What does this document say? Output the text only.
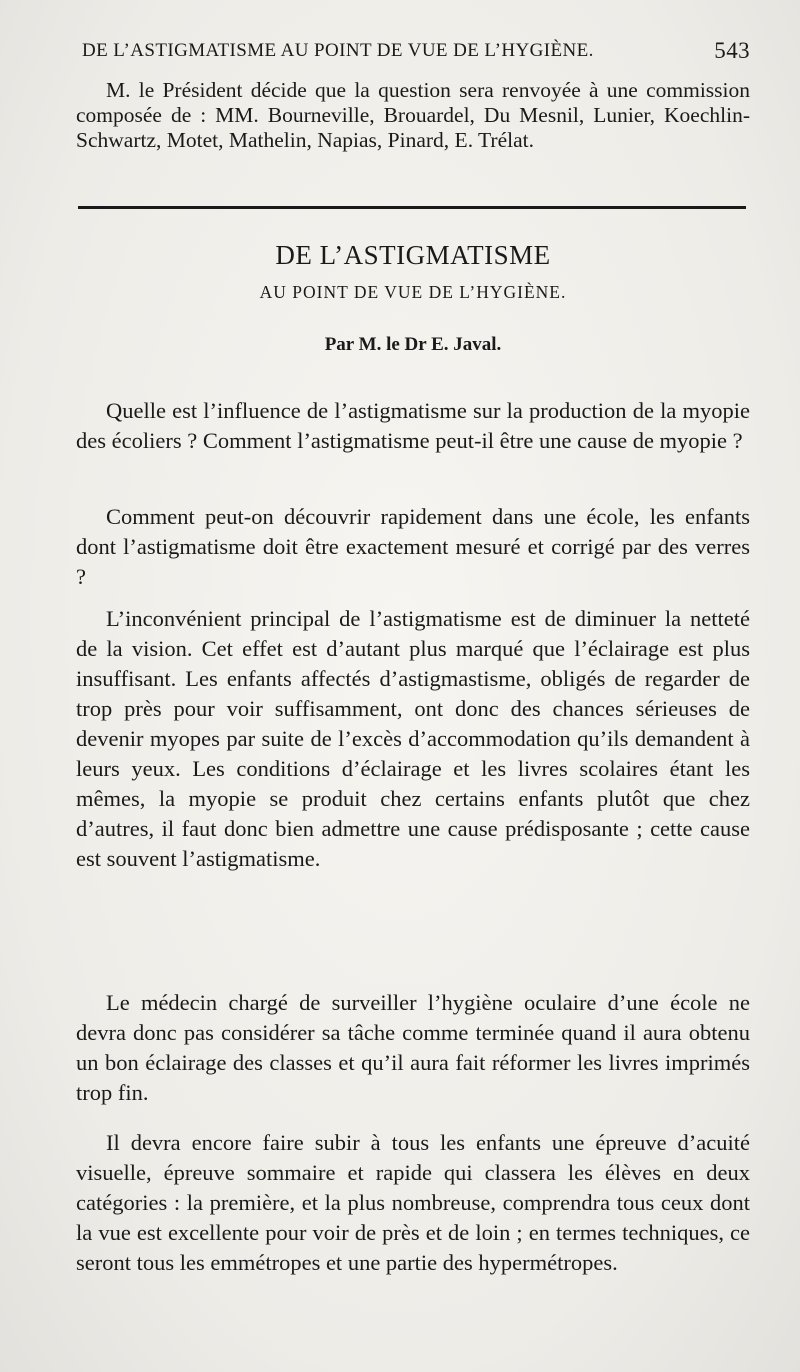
DE L’ASTIGMATISME AU POINT DE VUE DE L’HYGIÈNE.	543

M. le Président décide que la question sera renvoyée à une commission composée de : MM. Bourneville, Brouardel, Du Mesnil, Lunier, Koechlin-Schwartz, Motet, Mathelin, Napias, Pinard, E. Trélat.

DE L’ASTIGMATISME
AU POINT DE VUE DE L’HYGIÈNE.
Par M. le Dr E. Javal.

Quelle est l’influence de l’astigmatisme sur la production de la myopie des écoliers ? Comment l’astigmatisme peut-il être une cause de myopie ?

Comment peut-on découvrir rapidement dans une école, les enfants dont l’astigmatisme doit être exactement mesuré et corrigé par des verres ?

L’inconvénient principal de l’astigmatisme est de diminuer la netteté de la vision. Cet effet est d’autant plus marqué que l’éclairage est plus insuffisant. Les enfants affectés d’astigmastisme, obligés de regarder de trop près pour voir suffisamment, ont donc des chances sérieuses de devenir myopes par suite de l’excès d’accommodation qu’ils demandent à leurs yeux. Les conditions d’éclairage et les livres scolaires étant les mêmes, la myopie se produit chez certains enfants plutôt que chez d’autres, il faut donc bien admettre une cause prédisposante ; cette cause est souvent l’astigmatisme.

Le médecin chargé de surveiller l’hygiène oculaire d’une école ne devra donc pas considérer sa tâche comme terminée quand il aura obtenu un bon éclairage des classes et qu’il aura fait réformer les livres imprimés trop fin.

Il devra encore faire subir à tous les enfants une épreuve d’acuité visuelle, épreuve sommaire et rapide qui classera les élèves en deux catégories : la première, et la plus nombreuse, comprendra tous ceux dont la vue est excellente pour voir de près et de loin ; en termes techniques, ce seront tous les emmétropes et une partie des hypermétropes.
